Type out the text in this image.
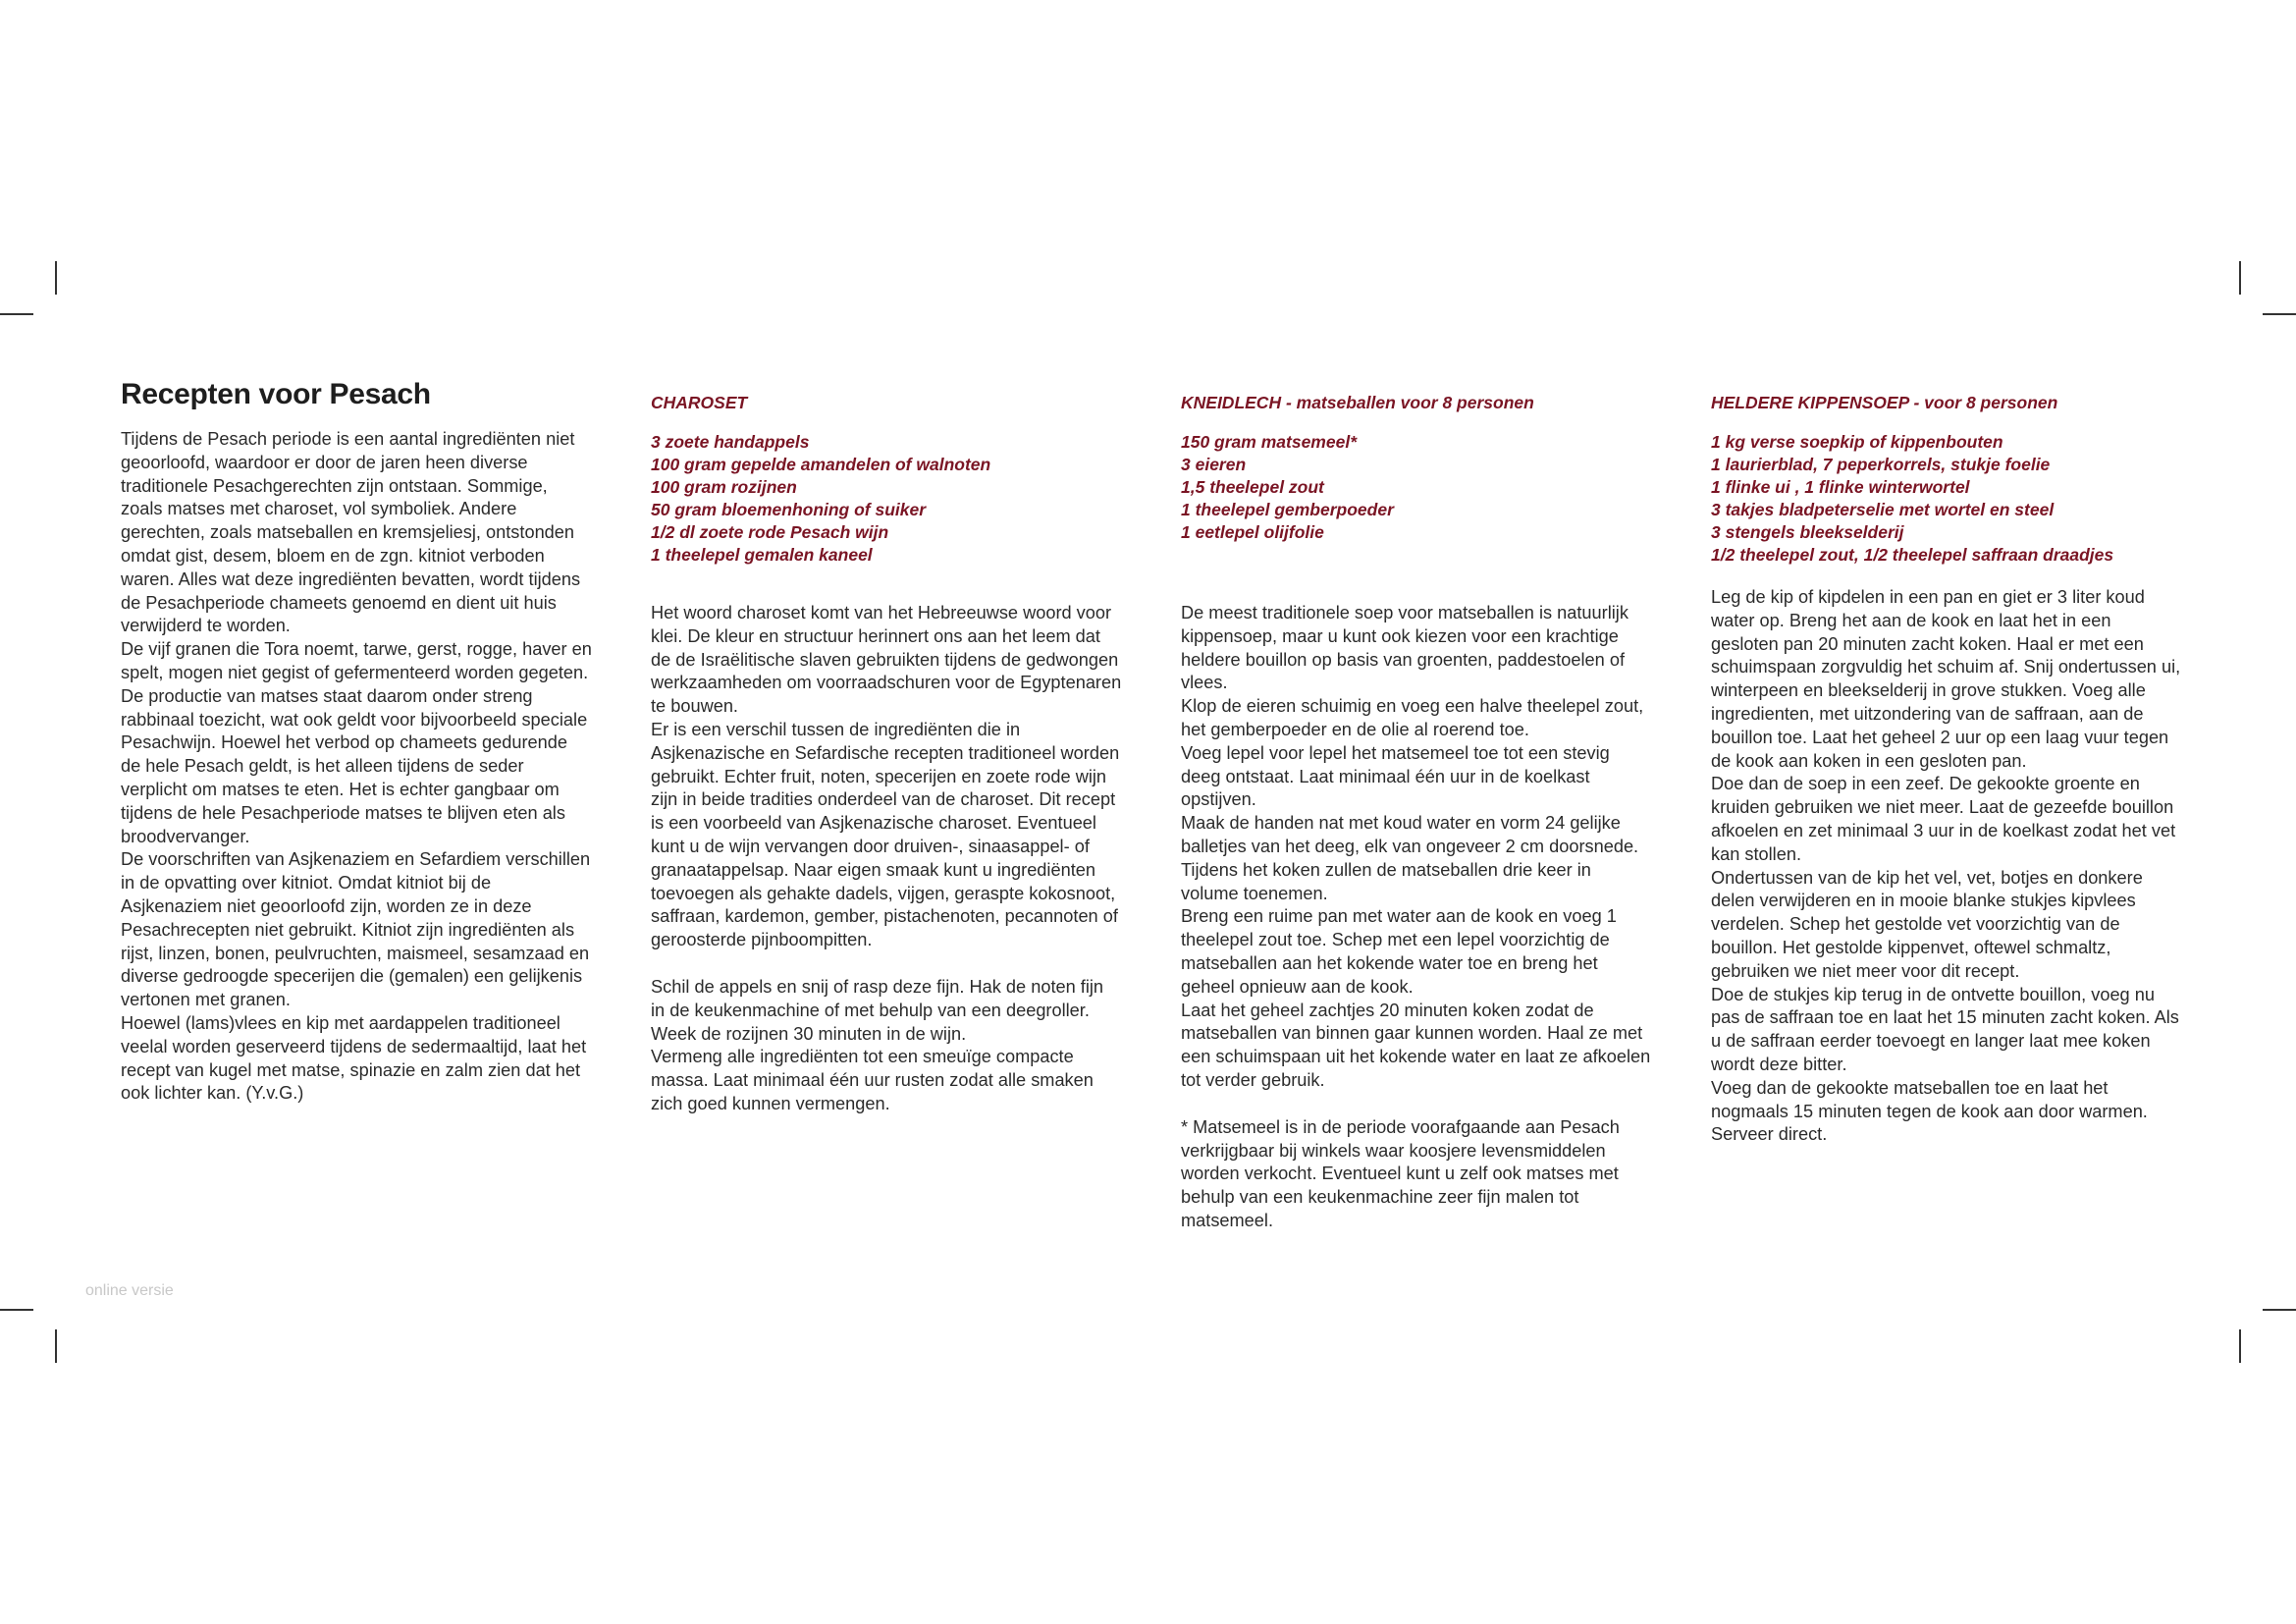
Recepten voor Pesach

Tijdens de Pesach periode is een aantal ingrediënten niet geoorloofd, waardoor er door de jaren heen diverse traditionele Pesachgerechten zijn ontstaan. Sommige, zoals matses met charoset, vol symboliek. Andere gerechten, zoals matseballen en kremsjeliesj, ontstonden omdat gist, desem, bloem en de zgn. kitniot verboden waren. Alles wat deze ingrediënten bevatten, wordt tijdens de Pesachperiode chameets genoemd en dient uit huis verwijderd te worden.

De vijf granen die Tora noemt, tarwe, gerst, rogge, haver en spelt, mogen niet gegist of gefermenteerd worden gegeten. De productie van matses staat daarom onder streng rabbinaal toezicht, wat ook geldt voor bijvoorbeeld speciale Pesachwijn. Hoewel het verbod op chameets gedurende de hele Pesach geldt, is het alleen tijdens de seder verplicht om matses te eten. Het is echter gangbaar om tijdens de hele Pesachperiode matses te blijven eten als broodvervanger.

De voorschriften van Asjkenaziem en Sefardiem verschillen in de opvatting over kitniot. Omdat kitniot bij de Asjkenaziem niet geoorloofd zijn, worden ze in deze Pesachrecepten niet gebruikt. Kitniot zijn ingrediënten als rijst, linzen, bonen, peulvruchten, maismeel, sesamzaad en diverse gedroogde specerijen die (gemalen) een gelijkenis vertonen met granen.

Hoewel (lams)vlees en kip met aardappelen traditioneel veelal worden geserveerd tijdens de sedermaaltijd, laat het recept van kugel met matse, spinazie en zalm zien dat het ook lichter kan. (Y.v.G.)

CHAROSET
3 zoete handappels
100 gram gepelde amandelen of walnoten
100 gram rozijnen
50 gram bloemenhoning of suiker
1/2 dl zoete rode Pesach wijn
1 theelepel gemalen kaneel

Het woord charoset komt van het Hebreeuwse woord voor klei. De kleur en structuur herinnert ons aan het leem dat de de Israëlitische slaven gebruikten tijdens de gedwongen werkzaamheden om voorraadschuren voor de Egyptenaren te bouwen.

Er is een verschil tussen de ingrediënten die in Asjkenazische en Sefardische recepten traditioneel worden gebruikt. Echter fruit, noten, specerijen en zoete rode wijn zijn in beide tradities onderdeel van de charoset. Dit recept is een voorbeeld van Asjkenazische charoset. Eventueel kunt u de wijn vervangen door druiven-, sinaasappel- of granaatappelsap. Naar eigen smaak kunt u ingrediënten toevoegen als gehakte dadels, vijgen, geraspte kokosnoot, saffraan, kardemon, gember, pistachenoten, pecannoten of geroosterde pijnboompitten.

Schil de appels en snij of rasp deze fijn. Hak de noten fijn in de keukenmachine of met behulp van een deegroller. Week de rozijnen 30 minuten in de wijn.

Vermeng alle ingrediënten tot een smeuïge compacte massa. Laat minimaal één uur rusten zodat alle smaken zich goed kunnen vermengen.

KNEIDLECH - matseballen voor 8 personen
150 gram matsemeel*
3 eieren
1,5 theelepel zout
1 theelepel gemberpoeder
1 eetlepel olijfolie

De meest traditionele soep voor matseballen is natuurlijk kippensoep, maar u kunt ook kiezen voor een krachtige heldere bouillon op basis van groenten, paddestoelen of vlees.

Klop de eieren schuimig en voeg een halve theelepel zout, het gemberpoeder en de olie al roerend toe.

Voeg lepel voor lepel het matsemeel toe tot een stevig deeg ontstaat. Laat minimaal één uur in de koelkast opstijven.

Maak de handen nat met koud water en vorm 24 gelijke balletjes van het deeg, elk van ongeveer 2 cm doorsnede. Tijdens het koken zullen de matseballen drie keer in volume toenemen.

Breng een ruime pan met water aan de kook en voeg 1 theelepel zout toe. Schep met een lepel voorzichtig de matseballen aan het kokende water toe en breng het geheel opnieuw aan de kook.

Laat het geheel zachtjes 20 minuten koken zodat de matseballen van binnen gaar kunnen worden. Haal ze met een schuimspaan uit het kokende water en laat ze afkoelen tot verder gebruik.

* Matsemeel is in de periode voorafgaande aan Pesach verkrijgbaar bij winkels waar koosjere levensmiddelen worden verkocht. Eventueel kunt u zelf ook matses met behulp van een keukenmachine zeer fijn malen tot matsemeel.

HELDERE KIPPENSOEP - voor 8 personen
1 kg verse soepkip of kippenbouten
1 laurierblad, 7 peperkorrels, stukje foelie
1 flinke ui , 1 flinke winterwortel
3 takjes bladpeterselie met wortel en steel
3 stengels bleekselderij
1/2 theelepel zout, 1/2 theelepel saffraan draadjes

Leg de kip of kipdelen in een pan en giet er 3 liter koud water op. Breng het aan de kook en laat het in een gesloten pan 20 minuten zacht koken. Haal er met een schuimspaan zorgvuldig het schuim af. Snij ondertussen ui, winterpeen en bleekselderij in grove stukken. Voeg alle ingredienten, met uitzondering van de saffraan, aan de bouillon toe. Laat het geheel 2 uur op een laag vuur tegen de kook aan koken in een gesloten pan.

Doe dan de soep in een zeef. De gekookte groente en kruiden gebruiken we niet meer. Laat de gezeefde bouillon afkoelen en zet minimaal 3 uur in de koelkast zodat het vet kan stollen.

Ondertussen van de kip het vel, vet, botjes en donkere delen verwijderen en in mooie blanke stukjes kipvlees verdelen. Schep het gestolde vet voorzichtig van de bouillon. Het gestolde kippenvet, oftewel schmaltz, gebruiken we niet meer voor dit recept.

Doe de stukjes kip terug in de ontvette bouillon, voeg nu pas de saffraan toe en laat het 15 minuten zacht koken. Als u de saffraan eerder toevoegt en langer laat mee koken wordt deze bitter.

Voeg dan de gekookte matseballen toe en laat het nogmaals 15 minuten tegen de kook aan door warmen. Serveer direct.

online versie
